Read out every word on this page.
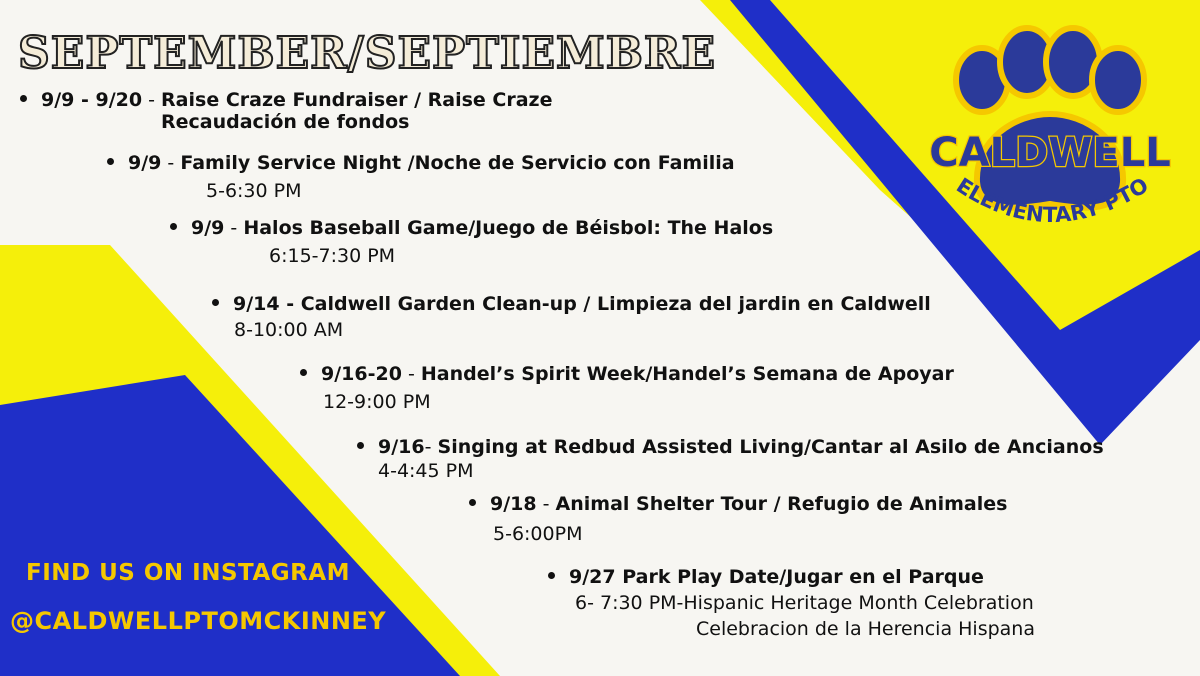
SEPTEMBER/SEPTIEMBRE
9/9 - 9/20 - Raise Craze Fundraiser / Raise Craze
Recaudación de fondos
9/9 - Family Service Night /Noche de Servicio con Familia
5-6:30 PM
9/9 - Halos Baseball Game/Juego de Béisbol: The Halos
6:15-7:30 PM
9/14 - Caldwell Garden Clean-up / Limpieza del jardin en Caldwell
8-10:00 AM
9/16-20 - Handel’s Spirit Week/Handel’s Semana de Apoyar
12-9:00 PM
9/16- Singing at Redbud Assisted Living/Cantar al Asilo de Ancianos
4-4:45 PM
9/18 - Animal Shelter Tour / Refugio de Animales
5-6:00PM
9/27 Park Play Date/Jugar en el Parque
6- 7:30 PM-Hispanic Heritage Month Celebration
Celebracion de la Herencia Hispana
FIND US ON INSTAGRAM
@CALDWELLPTOMCKINNEY
CALDWELL
ELEMENTARY PTO
